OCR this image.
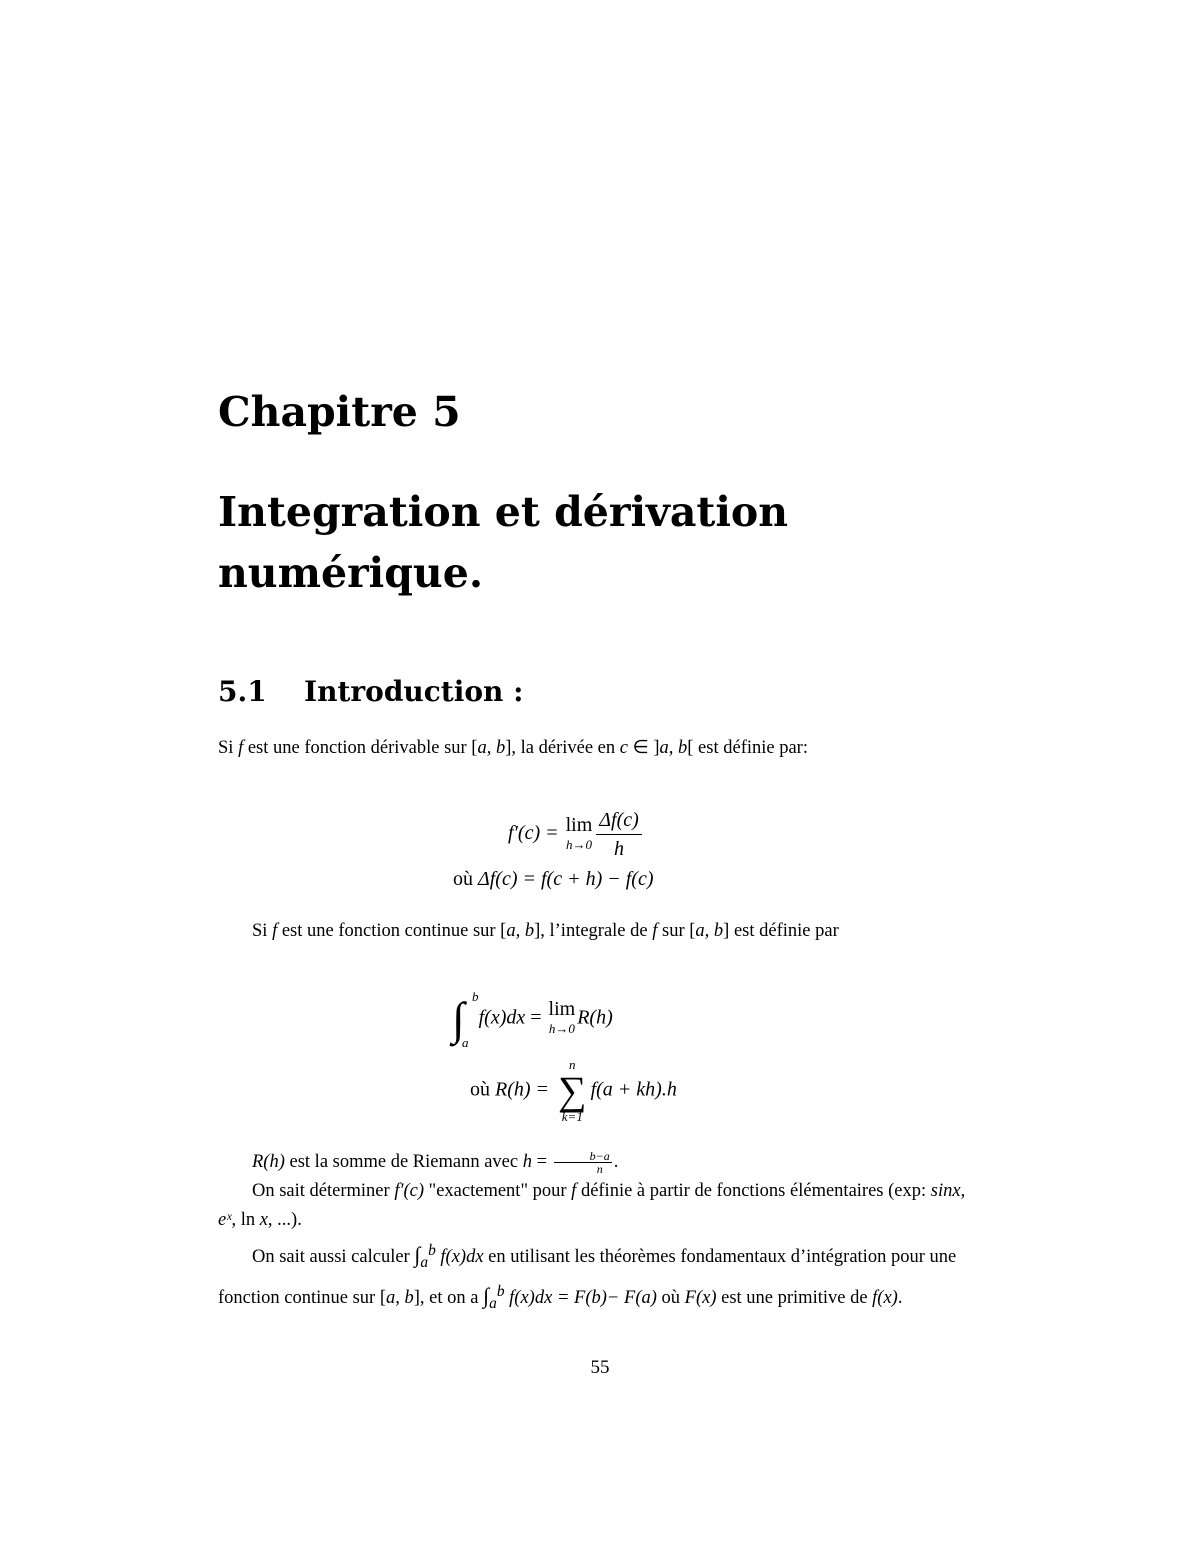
Chapitre 5
Integration et dérivation numérique.
5.1 Introduction :

Si f est une fonction dérivable sur [a, b], la dérivée en c ∈ ]a, b[ est définie par:

f′(c) = lim
$h\to 0 \frac{\Delta f(c)}{h}$
où Δf(c) = f(c + h) − f(c)

Si f est une fonction continue sur [a, b], l’integrale de f sur [a, b] est définie par

∫ b
a
f(x)dx = lim
h→0 R(h)
où R(h) =
n
∑
k=1
f(a + kh).h

R(h) est la somme de Riemann avec $h = \frac{b-a}{n}$ .

On sait déterminer f′(c) "exactement" pour f définie à partir de fonctions élémentaires (exp: sinx, eˣ, ln x, ...).

On sait aussi calculer $\int_a^b$ f(x)dx en utilisant les théorèmes fondamentaux d’intégration pour une fonction continue sur [a, b], et on a $\int_a^b$ f(x)dx = F(b)− F(a) où F(x) est une primitive de f(x).

55
